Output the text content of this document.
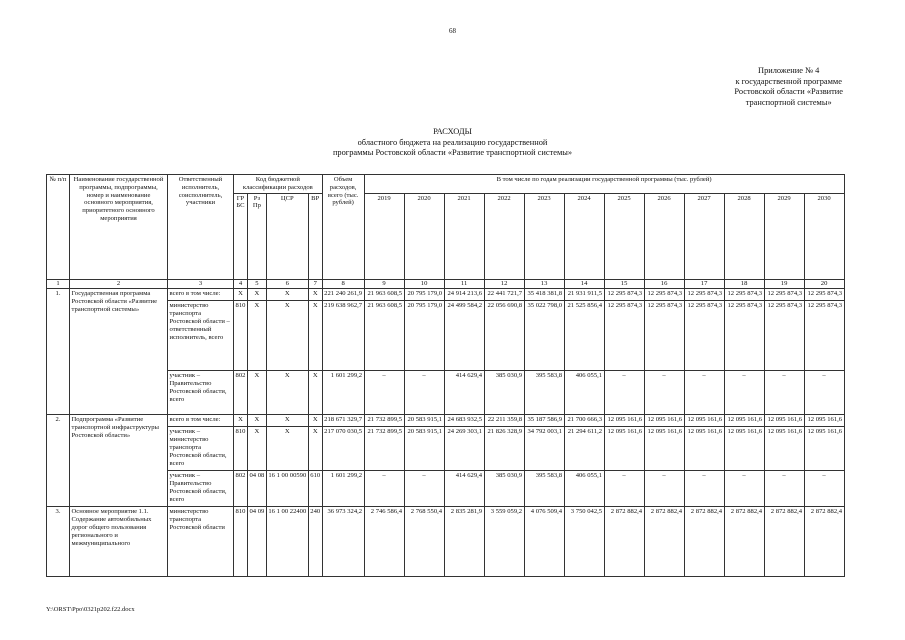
68
Приложение № 4
к государственной программе
Ростовской области «Развитие
транспортной системы»
РАСХОДЫ
областного бюджета на реализацию государственной
программы Ростовской области «Развитие транспортной системы»
№ п/п	Наименование государственной программы, подпрограммы, номер и наименование основного мероприятия, приоритетного основного мероприятия	Ответственный исполнитель, соисполнитель, участники	Код бюджетной классификации расходов				Объем расходов, всего (тыс. рублей)	В том числе по годам реализации государственной программы (тыс. рублей)											
			ГР БС	Рз Пр	ЦСР	ВР		2019	2020	2021	2022	2023	2024	2025	2026	2027	2028	2029	2030
1	2	3	4	5	6	7	8	9	10	11	12	13	14	15	16	17	18	19	20
1.	Государственная программа Ростовской области «Развитие транспортной системы»	всего в том числе:	X	X	X	X	221 240 261,9	21 963 608,5	20 795 179,0	24 914 213,6	22 441 721,7	35 418 381,8	21 931 911,5	12 295 874,3	12 295 874,3	12 295 874,3	12 295 874,3	12 295 874,3	12 295 874,3
		министерство транспорта Ростовской области – ответственный исполнитель, всего	810	X	X	X	219 638 962,7	21 963 608,5	20 795 179,0	24 499 584,2	22 056 690,8	35 022 798,0	21 525 856,4	12 295 874,3	12 295 874,3	12 295 874,3	12 295 874,3	12 295 874,3	12 295 874,3
		участник – Правительство Ростовской области, всего	802	X	X	X	1 601 299,2	–	–	414 629,4	385 030,9	395 583,8	406 055,1	–	–	–	–	–	–
2.	Подпрограмма «Развитие транспортной инфраструктуры Ростовской области»	всего в том числе:	X	X	X	X	218 671 329,7	21 732 899,5	20 583 915,1	24 683 932,5	22 211 359,8	35 187 586,9	21 700 666,3	12 095 161,6	12 095 161,6	12 095 161,6	12 095 161,6	12 095 161,6	12 095 161,6
		участник – министерство транспорта Ростовской области, всего	810	X	X	X	217 070 030,5	21 732 899,5	20 583 915,1	24 269 303,1	21 826 328,9	34 792 003,1	21 294 611,2	12 095 161,6	12 095 161,6	12 095 161,6	12 095 161,6	12 095 161,6	12 095 161,6
		участник – Правительство Ростовской области, всего	802	04 08	16 1 00 00590	610	1 601 299,2	–	–	414 629,4	385 030,9	395 583,8	406 055,1	–	–	–	–	–	–
3.	Основное мероприятие 1.1. Содержание автомобильных дорог общего пользования регионального и межмуниципального	министерство транспорта Ростовской области	810	04 09	16 1 00 22400	240	36 973 324,2	2 746 586,4	2 768 550,4	2 835 281,9	3 559 059,2	4 076 509,4	3 750 042,5	2 872 882,4	2 872 882,4	2 872 882,4	2 872 882,4	2 872 882,4	2 872 882,4
Y:\ORST\Ppo\0321p202.f22.docx
